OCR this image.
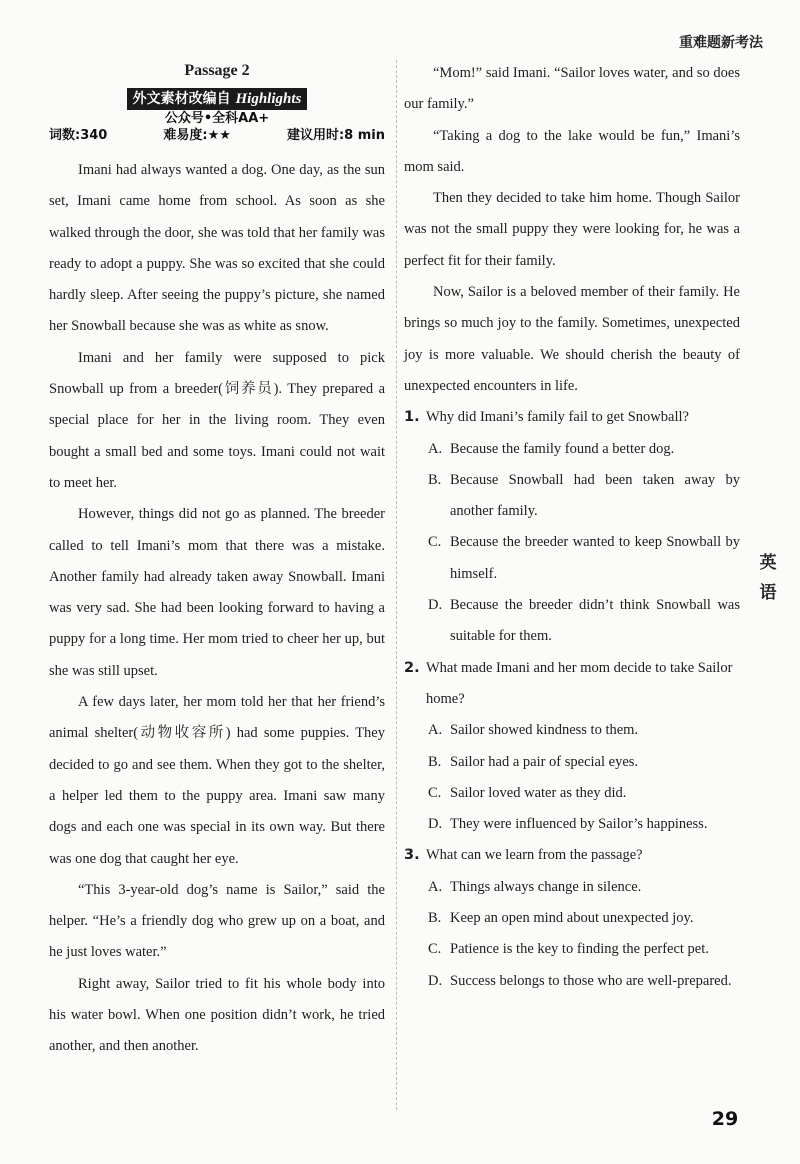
重难题新考法
Passage 2
外文素材改编自 Highlights
公众号•全科AA+
词数:340	难易度:★★	建议用时:8 min

Imani had always wanted a dog. One day, as the sun set, Imani came home from school. As soon as she walked through the door, she was told that her family was ready to adopt a puppy. She was so excited that she could hardly sleep. After seeing the puppy’s picture, she named her Snowball because she was as white as snow.

Imani and her family were supposed to pick Snowball up from a breeder(饲养员). They prepared a special place for her in the living room. They even bought a small bed and some toys. Imani could not wait to meet her.

However, things did not go as planned. The breeder called to tell Imani’s mom that there was a mistake. Another family had already taken away Snowball. Imani was very sad. She had been looking forward to having a puppy for a long time. Her mom tried to cheer her up, but she was still upset.

A few days later, her mom told her that her friend’s animal shelter(动物收容所) had some puppies. They decided to go and see them. When they got to the shelter, a helper led them to the puppy area. Imani saw many dogs and each one was special in its own way. But there was one dog that caught her eye.

“This 3-year-old dog’s name is Sailor,” said the helper. “He’s a friendly dog who grew up on a boat, and he just loves water.”

Right away, Sailor tried to fit his whole body into his water bowl. When one position didn’t work, he tried another, and then another.

“Mom!” said Imani. “Sailor loves water, and so does our family.”

“Taking a dog to the lake would be fun,” Imani’s mom said.

Then they decided to take him home. Though Sailor was not the small puppy they were looking for, he was a perfect fit for their family.

Now, Sailor is a beloved member of their family. He brings so much joy to the family. Sometimes, unexpected joy is more valuable. We should cherish the beauty of unexpected encounters in life.

1. Why did Imani’s family fail to get Snowball?
A. Because the family found a better dog.
B. Because Snowball had been taken away by another family.
C. Because the breeder wanted to keep Snowball by himself.
D. Because the breeder didn’t think Snowball was suitable for them.
2. What made Imani and her mom decide to take Sailor home?
A. Sailor showed kindness to them.
B. Sailor had a pair of special eyes.
C. Sailor loved water as they did.
D. They were influenced by Sailor’s happiness.
3. What can we learn from the passage?
A. Things always change in silence.
B. Keep an open mind about unexpected joy.
C. Patience is the key to finding the perfect pet.
D. Success belongs to those who are well-prepared.
英
语
29
